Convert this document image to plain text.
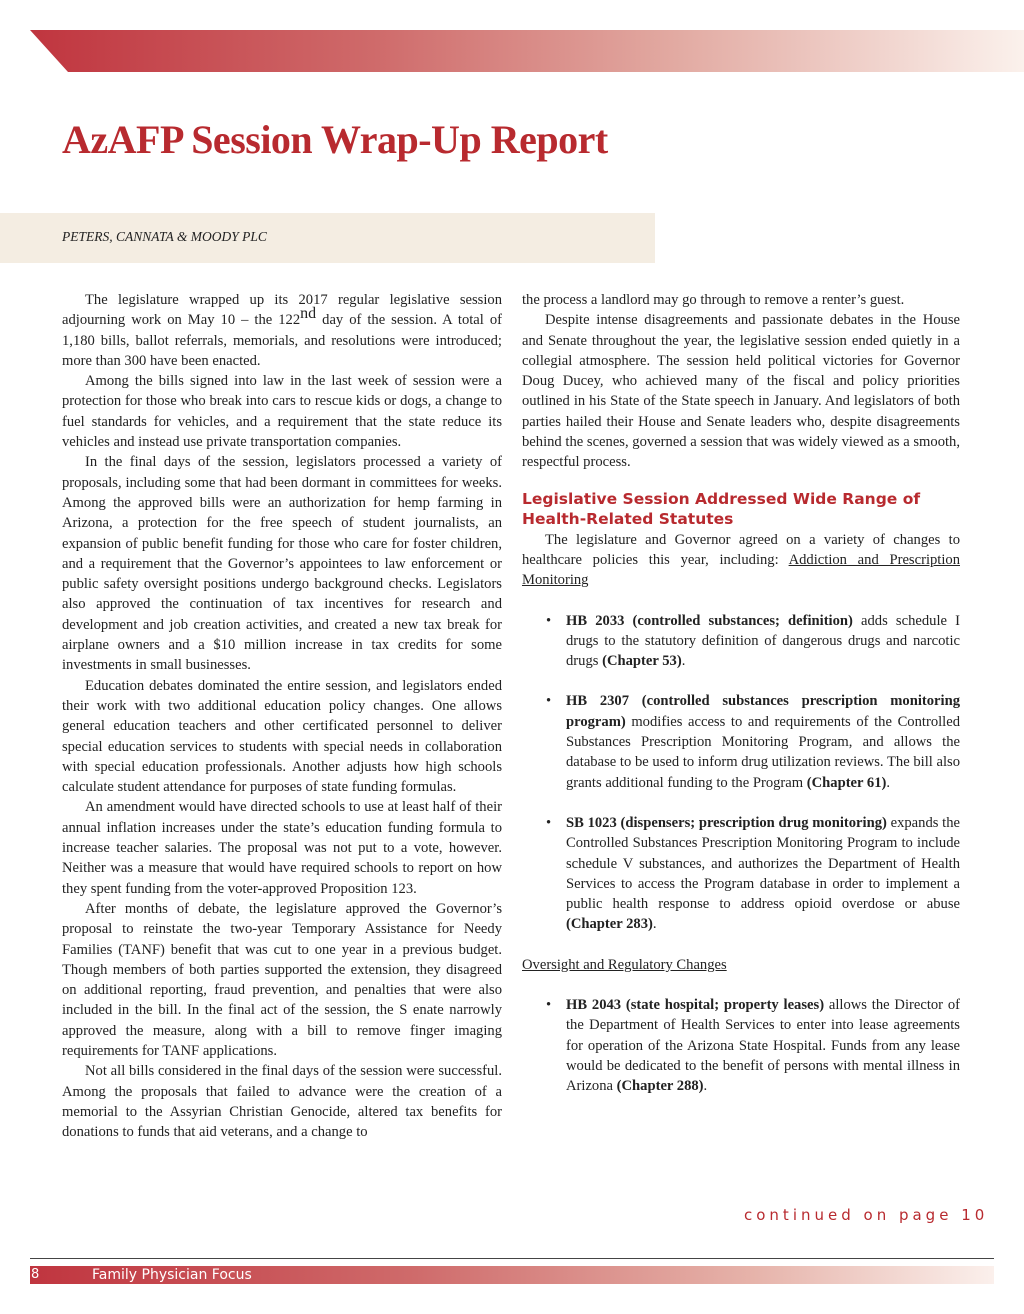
AzAFP Session Wrap-Up Report
PETERS, CANNATA & MOODY PLC

The legislature wrapped up its 2017 regular legislative session adjourning work on May 10 – the 122nd day of the session. A total of 1,180 bills, ballot referrals, memorials, and resolutions were introduced; more than 300 have been enacted.

Among the bills signed into law in the last week of session were a protection for those who break into cars to rescue kids or dogs, a change to fuel standards for vehicles, and a requirement that the state reduce its vehicles and instead use private transportation companies.

In the final days of the session, legislators processed a variety of proposals, including some that had been dormant in committees for weeks. Among the approved bills were an authorization for hemp farming in Arizona, a protection for the free speech of student journalists, an expansion of public benefit funding for those who care for foster children, and a requirement that the Governor’s appointees to law enforcement or public safety oversight positions undergo background checks. Legislators also approved the continuation of tax incentives for research and development and job creation activities, and created a new tax break for airplane owners and a $10 million increase in tax credits for some investments in small businesses.

Education debates dominated the entire session, and legislators ended their work with two additional education policy changes. One allows general education teachers and other certificated personnel to deliver special education services to students with special needs in collaboration with special education professionals. Another adjusts how high schools calculate student attendance for purposes of state funding formulas.

An amendment would have directed schools to use at least half of their annual inflation increases under the state’s education funding formula to increase teacher salaries. The proposal was not put to a vote, however. Neither was a measure that would have required schools to report on how they spent funding from the voter-approved Proposition 123.

After months of debate, the legislature approved the Governor’s proposal to reinstate the two-year Temporary Assistance for Needy Families (TANF) benefit that was cut to one year in a previous budget. Though members of both parties supported the extension, they disagreed on additional reporting, fraud prevention, and penalties that were also included in the bill. In the final act of the session, the S enate narrowly approved the measure, along with a bill to remove finger imaging requirements for TANF applications.

Not all bills considered in the final days of the session were successful. Among the proposals that failed to advance were the creation of a memorial to the Assyrian Christian Genocide, altered tax benefits for donations to funds that aid veterans, and a change to

the process a landlord may go through to remove a renter’s guest.

Despite intense disagreements and passionate debates in the House and Senate throughout the year, the legislative session ended quietly in a collegial atmosphere. The session held political victories for Governor Doug Ducey, who achieved many of the fiscal and policy priorities outlined in his State of the State speech in January. And legislators of both parties hailed their House and Senate leaders who, despite disagreements behind the scenes, governed a session that was widely viewed as a smooth, respectful process.

Legislative Session Addressed Wide Range of Health-Related Statutes

The legislature and Governor agreed on a variety of changes to healthcare policies this year, including: Addiction and Prescription Monitoring

•	HB 2033 (controlled substances; definition) adds schedule I drugs to the statutory definition of dangerous drugs and narcotic drugs (Chapter 53).
•	HB 2307 (controlled substances prescription monitoring program) modifies access to and requirements of the Controlled Substances Prescription Monitoring Program, and allows the database to be used to inform drug utilization reviews. The bill also grants additional funding to the Program (Chapter 61).
•	SB 1023 (dispensers; prescription drug monitoring) expands the Controlled Substances Prescription Monitoring Program to include schedule V substances, and authorizes the Department of Health Services to access the Program database in order to implement a public health response to address opioid overdose or abuse (Chapter 283).

Oversight and Regulatory Changes

•	HB 2043 (state hospital; property leases) allows the Director of the Department of Health Services to enter into lease agreements for operation of the Arizona State Hospital. Funds from any lease would be dedicated to the benefit of persons with mental illness in Arizona (Chapter 288).
continued on page 10
8	Family Physician Focus
